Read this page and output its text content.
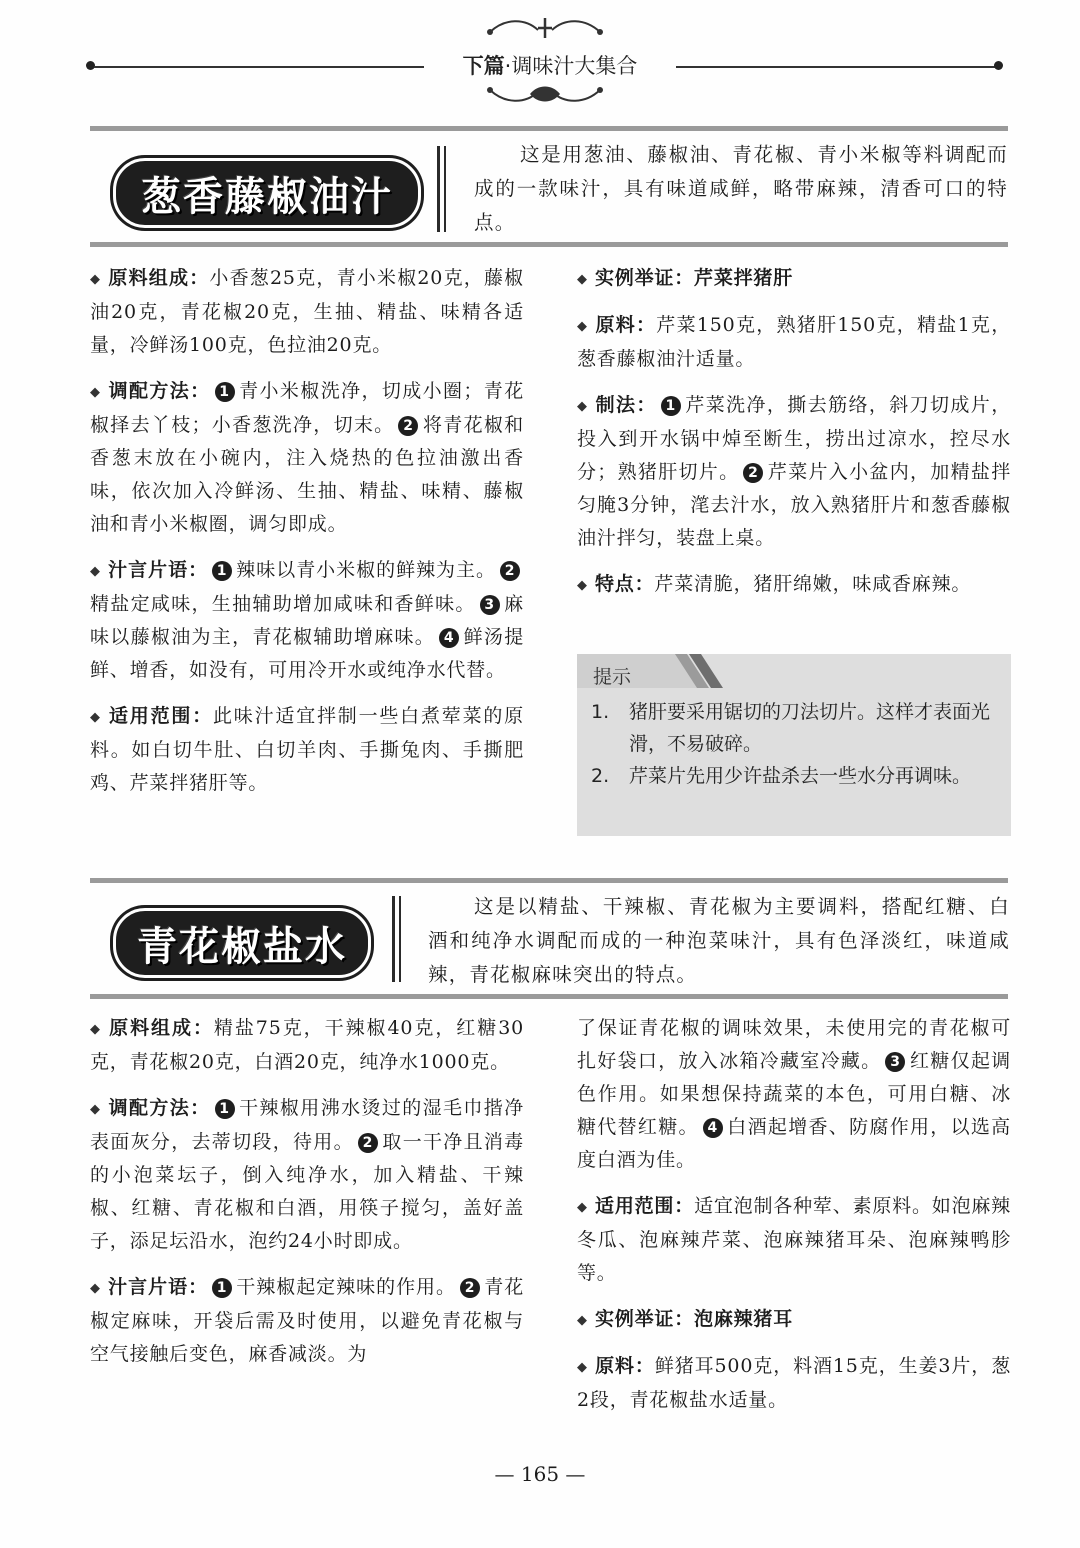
下篇·调味汁大集合
葱香藤椒油汁
这是用葱油、藤椒油、青花椒、青小米椒等料调配而成的一款味汁，具有味道咸鲜，略带麻辣，清香可口的特点。

◆ 原料组成：小香葱25克，青小米椒20克，藤椒油20克，青花椒20克，生抽、精盐、味精各适量，冷鲜汤100克，色拉油20克。

◆ 调配方法： 1 青小米椒洗净，切成小圈；青花椒择去丫枝；小香葱洗净，切末。 2 将青花椒和香葱末放在小碗内，注入烧热的色拉油激出香味，依次加入冷鲜汤、生抽、精盐、味精、藤椒油和青小米椒圈，调匀即成。

◆ 汁言片语： 1 辣味以青小米椒的鲜辣为主。 2精盐定咸味，生抽辅助增加咸味和香鲜味。 3 麻味以藤椒油为主，青花椒辅助增麻味。 4 鲜汤提鲜、增香，如没有，可用冷开水或纯净水代替。

◆ 适用范围：此味汁适宜拌制一些白煮荤菜的原料。如白切牛肚、白切羊肉、手撕兔肉、手撕肥鸡、芹菜拌猪肝等。

◆ 实例举证：芹菜拌猪肝

◆ 原料：芹菜150克，熟猪肝150克，精盐1克，葱香藤椒油汁适量。

◆ 制法： 1 芹菜洗净，撕去筋络，斜刀切成片，投入到开水锅中焯至断生，捞出过凉水，控尽水分；熟猪肝切片。 2 芹菜片入小盆内，加精盐拌匀腌3分钟，滗去汁水，放入熟猪肝片和葱香藤椒油汁拌匀，装盘上桌。

◆ 特点：芹菜清脆，猪肝绵嫩，味咸香麻辣。

提示
1.	猪肝要采用锯切的刀法切片。这样才表面光滑，不易破碎。
2.	芹菜片先用少许盐杀去一些水分再调味。
青花椒盐水
这是以精盐、干辣椒、青花椒为主要调料，搭配红糖、白酒和纯净水调配而成的一种泡菜味汁，具有色泽淡红，味道咸辣，青花椒麻味突出的特点。

◆ 原料组成：精盐75克，干辣椒40克，红糖30克，青花椒20克，白酒20克，纯净水1000克。

◆ 调配方法： 1 干辣椒用沸水烫过的湿毛巾揩净表面灰分，去蒂切段，待用。 2 取一干净且消毒的小泡菜坛子，倒入纯净水，加入精盐、干辣椒、红糖、青花椒和白酒，用筷子搅匀，盖好盖子，添足坛沿水，泡约24小时即成。

◆ 汁言片语： 1 干辣椒起定辣味的作用。 2 青花椒定麻味，开袋后需及时使用，以避免青花椒与空气接触后变色，麻香减淡。为

了保证青花椒的调味效果，未使用完的青花椒可扎好袋口，放入冰箱冷藏室冷藏。 3 红糖仅起调色作用。如果想保持蔬菜的本色，可用白糖、冰糖代替红糖。 4 白酒起增香、防腐作用，以选高度白酒为佳。

◆ 适用范围：适宜泡制各种荤、素原料。如泡麻辣冬瓜、泡麻辣芹菜、泡麻辣猪耳朵、泡麻辣鸭胗等。

◆ 实例举证：泡麻辣猪耳

◆ 原料：鲜猪耳500克，料酒15克，生姜3片，葱2段，青花椒盐水适量。

— 165 —
